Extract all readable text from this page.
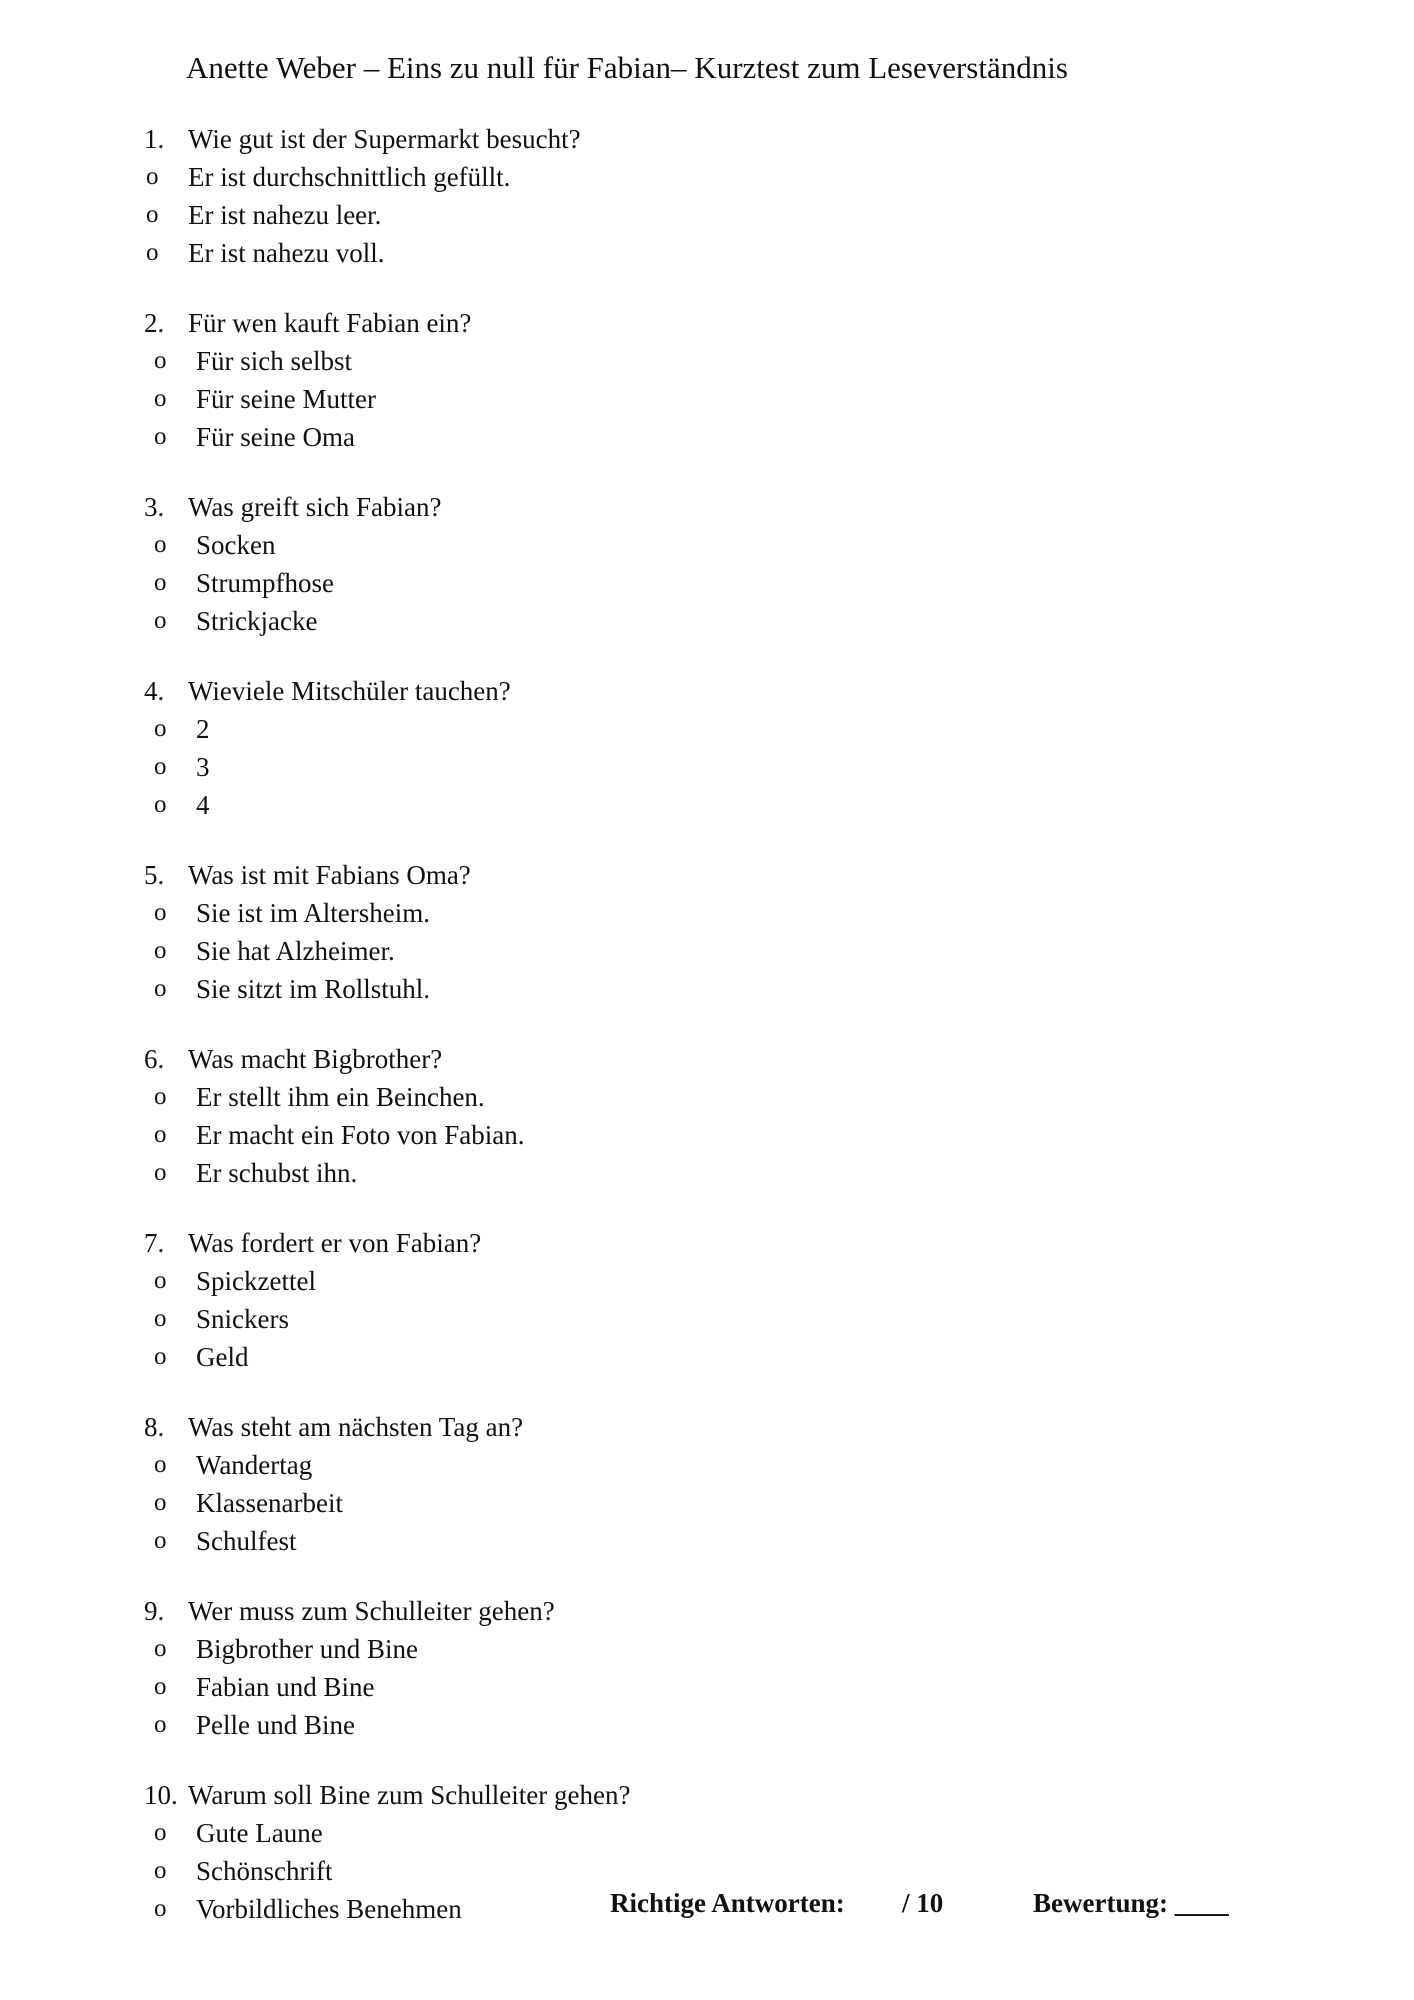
Anette Weber – Eins zu null für Fabian– Kurztest zum Leseverständnis
1. Wie gut ist der Supermarkt besucht?
o Er ist durchschnittlich gefüllt.
o Er ist nahezu leer.
o Er ist nahezu voll.
2. Für wen kauft Fabian ein?
o Für sich selbst
o Für seine Mutter
o Für seine Oma
3. Was greift sich Fabian?
o Socken
o Strumpfhose
o Strickjacke
4. Wieviele Mitschüler tauchen?
o 2
o 3
o 4
5. Was ist mit Fabians Oma?
o Sie ist im Altersheim.
o Sie hat Alzheimer.
o Sie sitzt im Rollstuhl.
6. Was macht Bigbrother?
o Er stellt ihm ein Beinchen.
o Er macht ein Foto von Fabian.
o Er schubst ihn.
7. Was fordert er von Fabian?
o Spickzettel
o Snickers
o Geld
8. Was steht am nächsten Tag an?
o Wandertag
o Klassenarbeit
o Schulfest
9. Wer muss zum Schulleiter gehen?
o Bigbrother und Bine
o Fabian und Bine
o Pelle und Bine
10. Warum soll Bine zum Schulleiter gehen?
o Gute Laune
o Schönschrift
o Vorbildliches Benehmen	Richtige Antworten: / 10	Bewertung: ____
